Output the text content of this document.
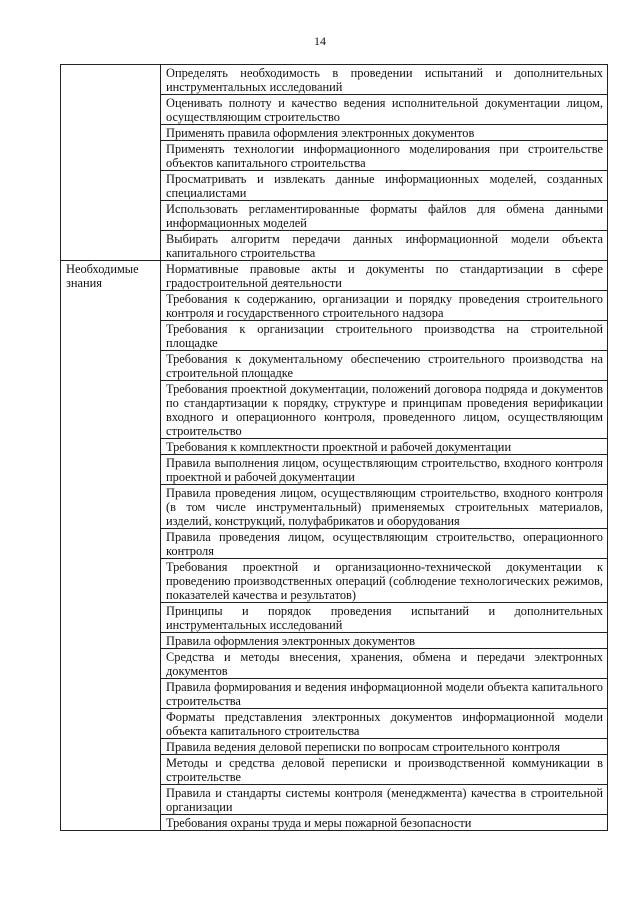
14
	Определять необходимость в проведении испытаний и дополнительных инструментальных исследований
	Оценивать полноту и качество ведения исполнительной документации лицом, осуществляющим строительство
	Применять правила оформления электронных документов
	Применять технологии информационного моделирования при строительстве объектов капитального строительства
	Просматривать и извлекать данные информационных моделей, созданных специалистами
	Использовать регламентированные форматы файлов для обмена данными информационных моделей
	Выбирать алгоритм передачи данных информационной модели объекта капитального строительства
Необходимые знания	Нормативные правовые акты и документы по стандартизации в сфере градостроительной деятельности
	Требования к содержанию, организации и порядку проведения строительного контроля и государственного строительного надзора
	Требования к организации строительного производства на строительной площадке
	Требования к документальному обеспечению строительного производства на строительной площадке
	Требования проектной документации, положений договора подряда и документов по стандартизации к порядку, структуре и принципам проведения верификации входного и операционного контроля, проведенного лицом, осуществляющим строительство
	Требования к комплектности проектной и рабочей документации
	Правила выполнения лицом, осуществляющим строительство, входного контроля проектной и рабочей документации
	Правила проведения лицом, осуществляющим строительство, входного контроля (в том числе инструментальный) применяемых строительных материалов, изделий, конструкций, полуфабрикатов и оборудования
	Правила проведения лицом, осуществляющим строительство, операционного контроля
	Требования проектной и организационно-технической документации к проведению производственных операций (соблюдение технологических режимов, показателей качества и результатов)
	Принципы и порядок проведения испытаний и дополнительных инструментальных исследований
	Правила оформления электронных документов
	Средства и методы внесения, хранения, обмена и передачи электронных документов
	Правила формирования и ведения информационной модели объекта капитального строительства
	Форматы представления электронных документов информационной модели объекта капитального строительства
	Правила ведения деловой переписки по вопросам строительного контроля
	Методы и средства деловой переписки и производственной коммуникации в строительстве
	Правила и стандарты системы контроля (менеджмента) качества в строительной организации
	Требования охраны труда и меры пожарной безопасности
